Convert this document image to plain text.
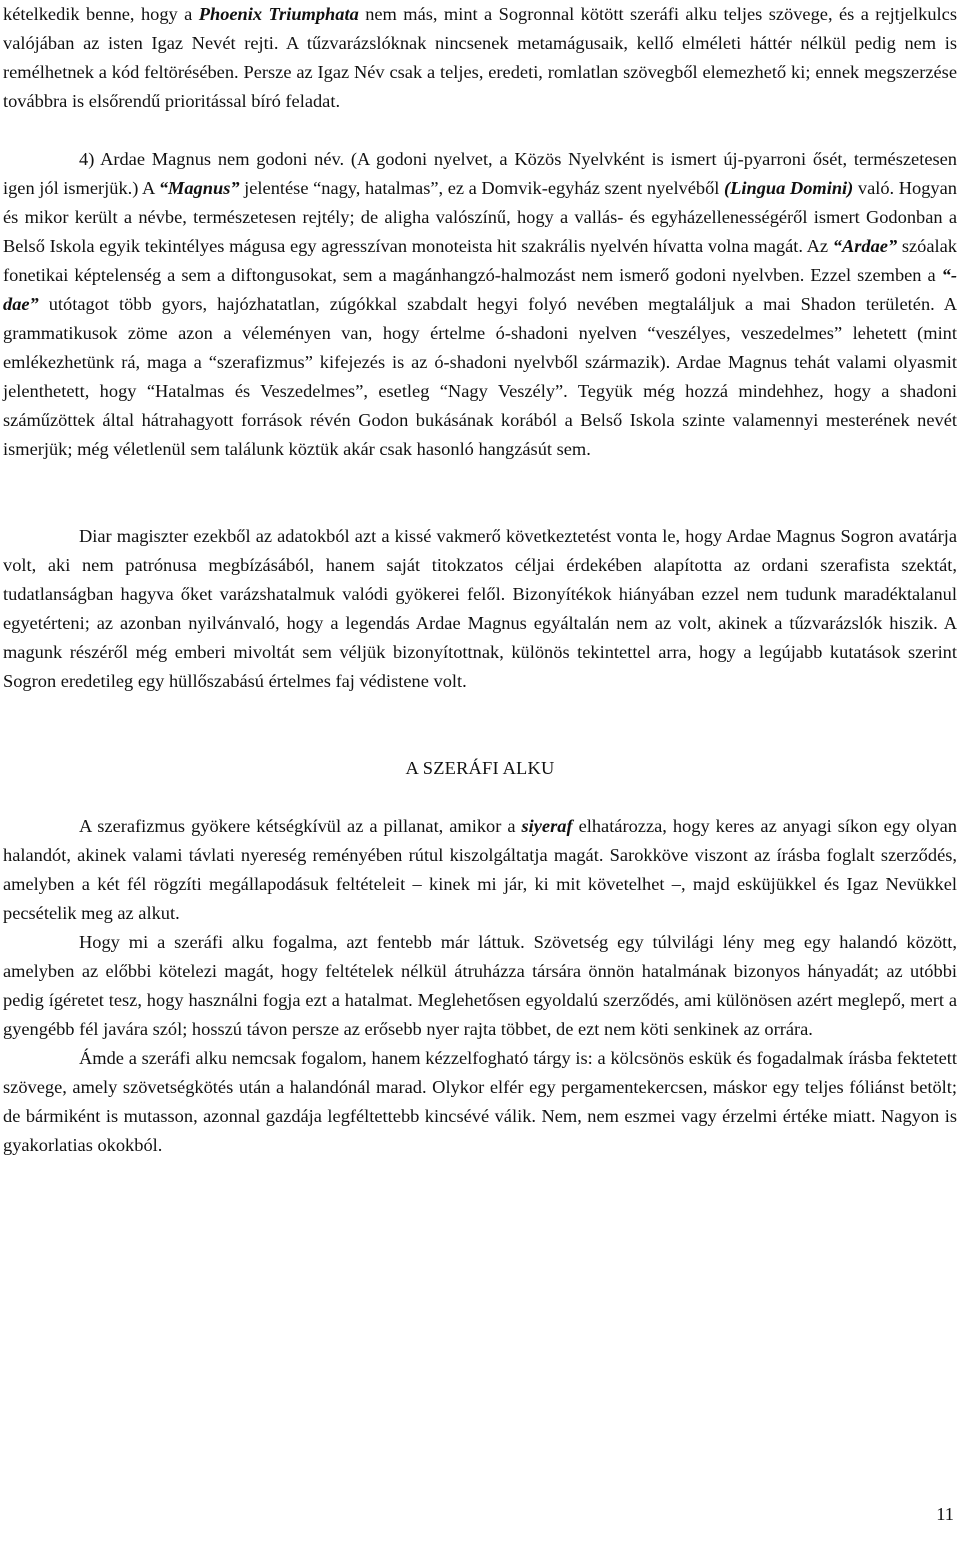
kételkedik benne, hogy a Phoenix Triumphata nem más, mint a Sogronnal kötött szeráfi alku teljes szövege, és a rejtjelkulcs valójában az isten Igaz Nevét rejti. A tűzvarázslóknak nincsenek metamágusaik, kellő elméleti háttér nélkül pedig nem is remélhetnek a kód feltörésében. Persze az Igaz Név csak a teljes, eredeti, romlatlan szövegből elemezhető ki; ennek megszerzése továbbra is elsőrendű prioritással bíró feladat.

4) Ardae Magnus nem godoni név. (A godoni nyelvet, a Közös Nyelvként is ismert új-pyarroni ősét, természetesen igen jól ismerjük.) A “Magnus” jelentése “nagy, hatalmas”, ez a Domvik-egyház szent nyelvéből (Lingua Domini) való. Hogyan és mikor került a névbe, természetesen rejtély; de aligha valószínű, hogy a vallás- és egyházellenességéről ismert Godonban a Belső Iskola egyik tekintélyes mágusa egy agresszívan monoteista hit szakrális nyelvén hívatta volna magát. Az “Ardae” szóalak fonetikai képtelenség a sem a diftongusokat, sem a magánhangzó-halmozást nem ismerő godoni nyelvben. Ezzel szemben a “-dae” utótagot több gyors, hajózhatatlan, zúgókkal szabdalt hegyi folyó nevében megtaláljuk a mai Shadon területén. A grammatikusok zöme azon a véleményen van, hogy értelme ó-shadoni nyelven “veszélyes, veszedelmes” lehetett (mint emlékezhetünk rá, maga a “szerafizmus” kifejezés is az ó-shadoni nyelvből származik). Ardae Magnus tehát valami olyasmit jelenthetett, hogy “Hatalmas és Veszedelmes”, esetleg “Nagy Veszély”. Tegyük még hozzá mindehhez, hogy a shadoni száműzöttek által hátrahagyott források révén Godon bukásának korából a Belső Iskola szinte valamennyi mesterének nevét ismerjük; még véletlenül sem találunk köztük akár csak hasonló hangzásút sem.

Diar magiszter ezekből az adatokból azt a kissé vakmerő következtetést vonta le, hogy Ardae Magnus Sogron avatárja volt, aki nem patrónusa megbízásából, hanem saját titokzatos céljai érdekében alapította az ordani szerafista szektát, tudatlanságban hagyva őket varázshatalmuk valódi gyökerei felől. Bizonyítékok hiányában ezzel nem tudunk maradéktalanul egyetérteni; az azonban nyilvánvaló, hogy a legendás Ardae Magnus egyáltalán nem az volt, akinek a tűzvarázslók hiszik. A magunk részéről még emberi mivoltát sem véljük bizonyítottnak, különös tekintettel arra, hogy a legújabb kutatások szerint Sogron eredetileg egy hüllőszabású értelmes faj védistene volt.

A SZERÁFI ALKU

A szerafizmus gyökere kétségkívül az a pillanat, amikor a siyeraf elhatározza, hogy keres az anyagi síkon egy olyan halandót, akinek valami távlati nyereség reményében rútul kiszolgáltatja magát. Sarokköve viszont az írásba foglalt szerződés, amelyben a két fél rögzíti megállapodásuk feltételeit – kinek mi jár, ki mit követelhet –, majd esküjükkel és Igaz Nevükkel pecsételik meg az alkut.

Hogy mi a szeráfi alku fogalma, azt fentebb már láttuk. Szövetség egy túlvilági lény meg egy halandó között, amelyben az előbbi kötelezi magát, hogy feltételek nélkül átruházza társára önnön hatalmának bizonyos hányadát; az utóbbi pedig ígéretet tesz, hogy használni fogja ezt a hatalmat. Meglehetősen egyoldalú szerződés, ami különösen azért meglepő, mert a gyengébb fél javára szól; hosszú távon persze az erősebb nyer rajta többet, de ezt nem köti senkinek az orrára.

Ámde a szeráfi alku nemcsak fogalom, hanem kézzelfogható tárgy is: a kölcsönös eskük és fogadalmak írásba fektetett szövege, amely szövetségkötés után a halandónál marad. Olykor elfér egy pergamentekercsen, máskor egy teljes fóliánst betölt; de bármiként is mutasson, azonnal gazdája legféltettebb kincsévé válik. Nem, nem eszmei vagy érzelmi értéke miatt. Nagyon is gyakorlatias okokból.

11
